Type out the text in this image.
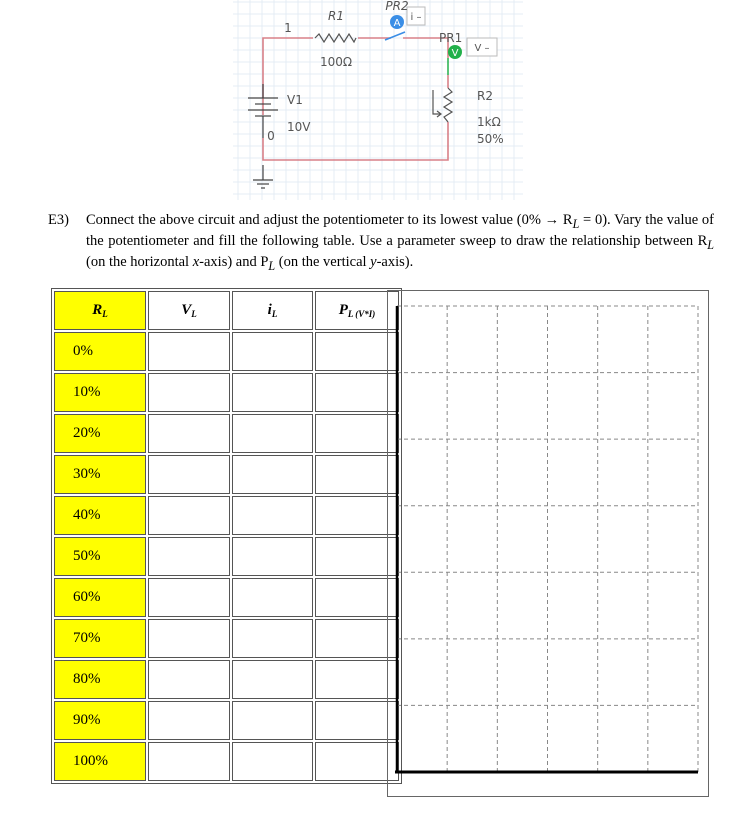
A
i –
V V –
R1
100Ω
1
0
V1
10V
PR2
PR1
R2
1kΩ
50%
E3) Connect the above circuit and adjust the potentiometer to its lowest value $(0\% \to R_L = 0)$. Vary the value of the potentiometer and fill the following table. Use a parameter sweep to draw the relationship between $R_L$ (on the horizontal x-axis) and $P_L$ (on the vertical y-axis).
$R_L$	$V_L$	$i_L$	$P_{L (V*I)}$
0%			
10%			
20%			
30%			
40%			
50%			
60%			
70%			
80%			
90%			
100%			
